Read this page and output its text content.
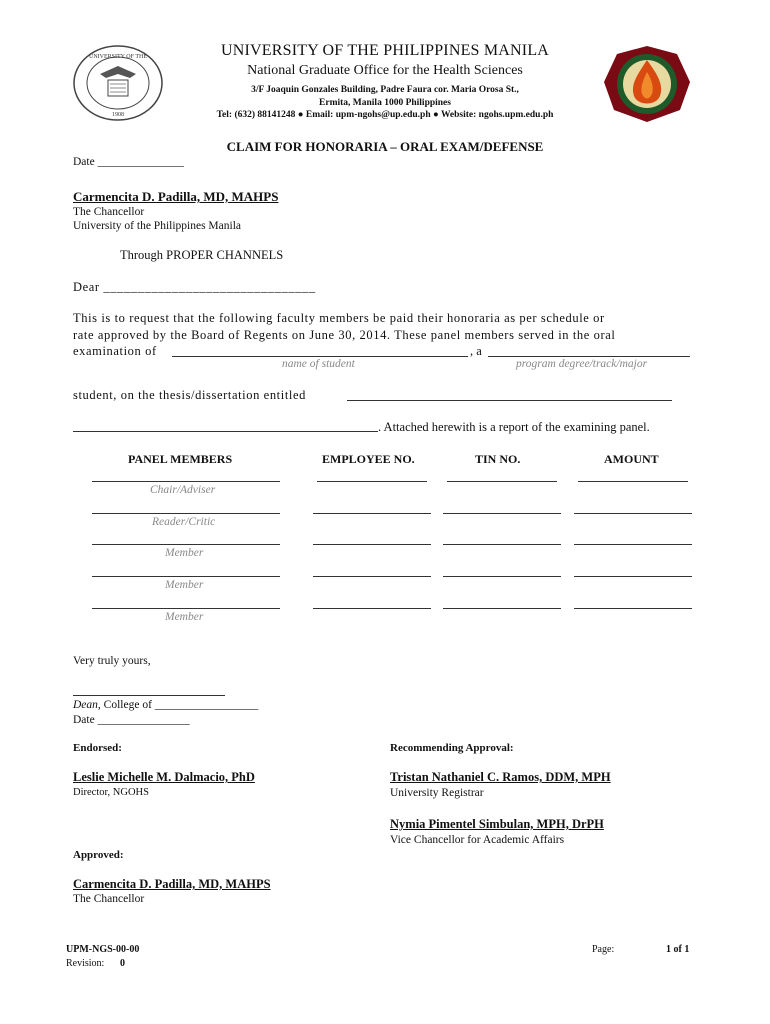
UNIVERSITY OF THE
1908
UNIVERSITY OF THE PHILIPPINES MANILA
National Graduate Office for the Health Sciences
3/F Joaquin Gonzales Building, Padre Faura cor. Maria Orosa St.,
Ermita, Manila 1000 Philippines
Tel: (632) 88141248 ● Email: upm-ngohs@up.edu.ph ● Website: ngohs.upm.edu.ph
CLAIM FOR HONORARIA – ORAL EXAM/DEFENSE
Date _______________
Carmencita D. Padilla, MD, MAHPS
The Chancellor
University of the Philippines Manila
Through PROPER CHANNELS
Dear _______________________________
This is to request that the following faculty members be paid their honoraria as per schedule or
rate approved by the Board of Regents on June 30, 2014. These panel members served in the oral
examination of	, a
name of student	program degree/track/major
student, on the thesis/dissertation entitled
. Attached herewith is a report of the examining panel.
PANEL MEMBERS	EMPLOYEE NO.	TIN NO.	AMOUNT
Chair/Adviser
Reader/Critic
Member
Member
Member
Very truly yours,
Dean, College of __________________
Date ________________
Endorsed:	Recommending Approval:
Leslie Michelle M. Dalmacio, PhD
Director, NGOHS
Tristan Nathaniel C. Ramos, DDM, MPH
University Registrar
Nymia Pimentel Simbulan, MPH, DrPH
Vice Chancellor for Academic Affairs
Approved:
Carmencita D. Padilla, MD, MAHPS
The Chancellor
UPM-NGS-00-00
Revision: 0
Page:	1 of 1
